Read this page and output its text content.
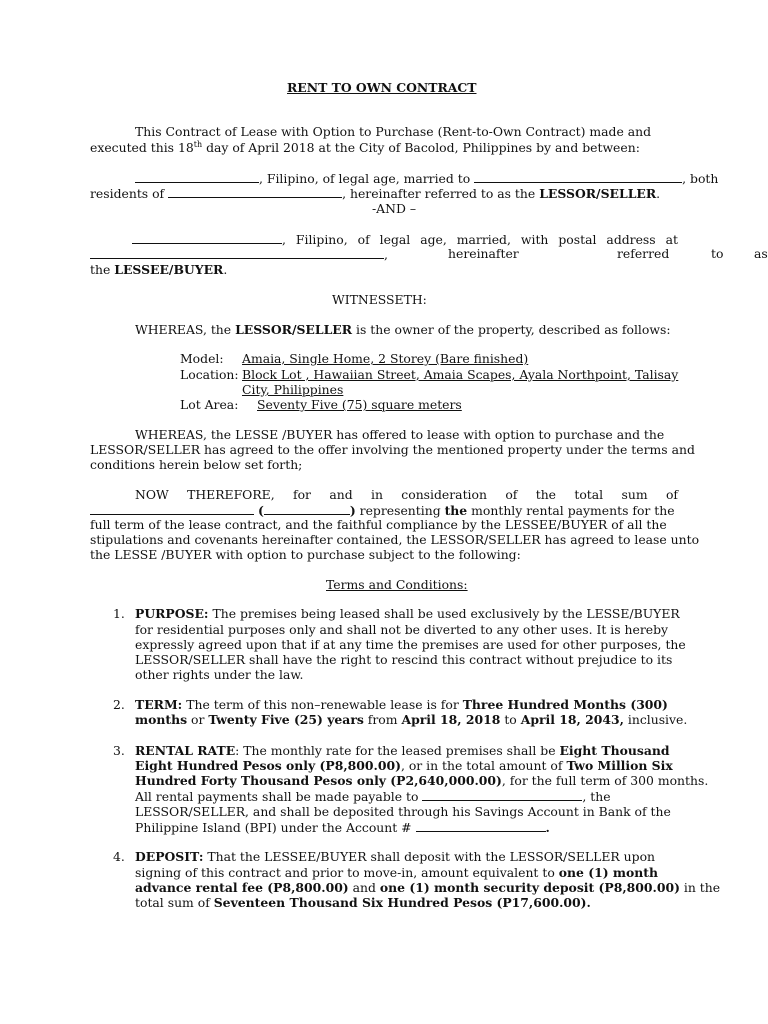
RENT TO OWN CONTRACT
This Contract of Lease with Option to Purchase (Rent-to-Own Contract) made and
executed this 18th day of April 2018 at the City of Bacolod, Philippines by and between:
, Filipino, of legal age, married to	, both
residents of	, hereinafter referred to as the LESSOR/SELLER.
-AND –
, Filipino, of legal age, married, with postal address at
,	hereinafter	referred	to as
the LESSEE/BUYER.
WITNESSETH:
WHEREAS, the LESSOR/SELLER is the owner of the property, described as follows:
Model: Amaia, Single Home, 2 Storey (Bare finished)
Location: Block Lot , Hawaiian Street, Amaia Scapes, Ayala Northpoint, Talisay
City, Philippines
Lot Area: Seventy Five (75) square meters
WHEREAS, the LESSE /BUYER has offered to lease with option to purchase and the
LESSOR/SELLER has agreed to the offer involving the mentioned property under the terms and
conditions herein below set forth;
NOW THEREFORE, for and in consideration of the total sum of
(	) representing the monthly rental payments for the
full term of the lease contract, and the faithful compliance by the LESSEE/BUYER of all the
stipulations and covenants hereinafter contained, the LESSOR/SELLER has agreed to lease unto
the LESSE /BUYER with option to purchase subject to the following:
Terms and Conditions:
1. PURPOSE: The premises being leased shall be used exclusively by the LESSE/BUYER
for residential purposes only and shall not be diverted to any other uses. It is hereby
expressly agreed upon that if at any time the premises are used for other purposes, the
LESSOR/SELLER shall have the right to rescind this contract without prejudice to its
other rights under the law.
2. TERM: The term of this non–renewable lease is for Three Hundred Months (300)
months or Twenty Five (25) years from April 18, 2018 to April 18, 2043, inclusive.
3. RENTAL RATE: The monthly rate for the leased premises shall be Eight Thousand
Eight Hundred Pesos only (P8,800.00), or in the total amount of Two Million Six
Hundred Forty Thousand Pesos only (P2,640,000.00), for the full term of 300 months.
All rental payments shall be made payable to	, the
LESSOR/SELLER, and shall be deposited through his Savings Account in Bank of the
Philippine Island (BPI) under the Account #	.
4. DEPOSIT: That the LESSEE/BUYER shall deposit with the LESSOR/SELLER upon
signing of this contract and prior to move-in, amount equivalent to one (1) month
advance rental fee (P8,800.00) and one (1) month security deposit (P8,800.00) in the
total sum of Seventeen Thousand Six Hundred Pesos (P17,600.00).
